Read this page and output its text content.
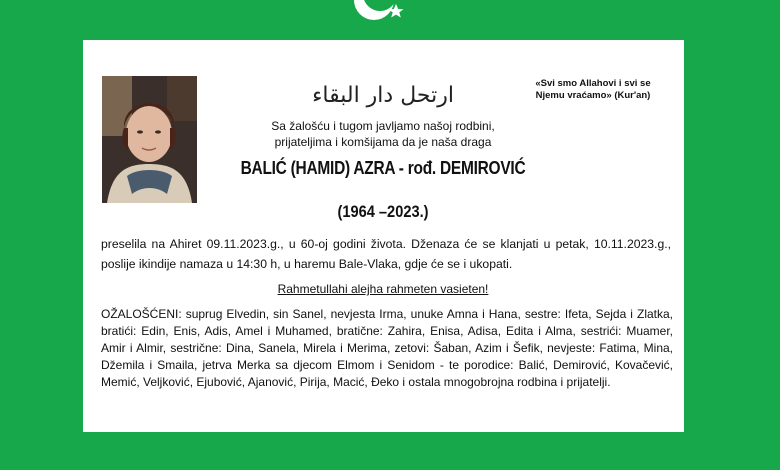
ارتحل دار البقاء	«Svi smo Allahovi i svi se Njemu vraćamo» (Kur'an)
Sa žalošću i tugom javljamo našoj rodbini,
prijateljima i komšijama da je naša draga
BALIĆ (HAMID) AZRA - rođ. DEMIROVIĆ
(1964 –2023.)

preselila na Ahiret 09.11.2023.g., u 60-oj godini života. Dženaza će se klanjati u petak, 10.11.2023.g., poslije ikindije namaza u 14:30 h, u haremu Bale-Vlaka, gdje će se i ukopati.

Rahmetullahi alejha rahmeten vasieten!

OŽALOŠĆENI: suprug Elvedin, sin Sanel, nevjesta Irma, unuke Amna i Hana, sestre: Ifeta, Sejda i Zlatka, bratići: Edin, Enis, Adis, Amel i Muhamed, bratične: Zahira, Enisa, Adisa, Edita i Alma, sestrići: Muamer, Amir i Almir, sestrične: Dina, Sanela, Mirela i Merima, zetovi: Šaban, Azim i Šefik, nevjeste: Fatima, Mina, Džemila i Smaila, jetrva Merka sa djecom Elmom i Senidom - te porodice: Balić, Demirović, Kovačević, Memić, Veljković, Ejubović, Ajanović, Pirija, Macić, Đeko i ostala mnogobrojna rodbina i prijatelji.
